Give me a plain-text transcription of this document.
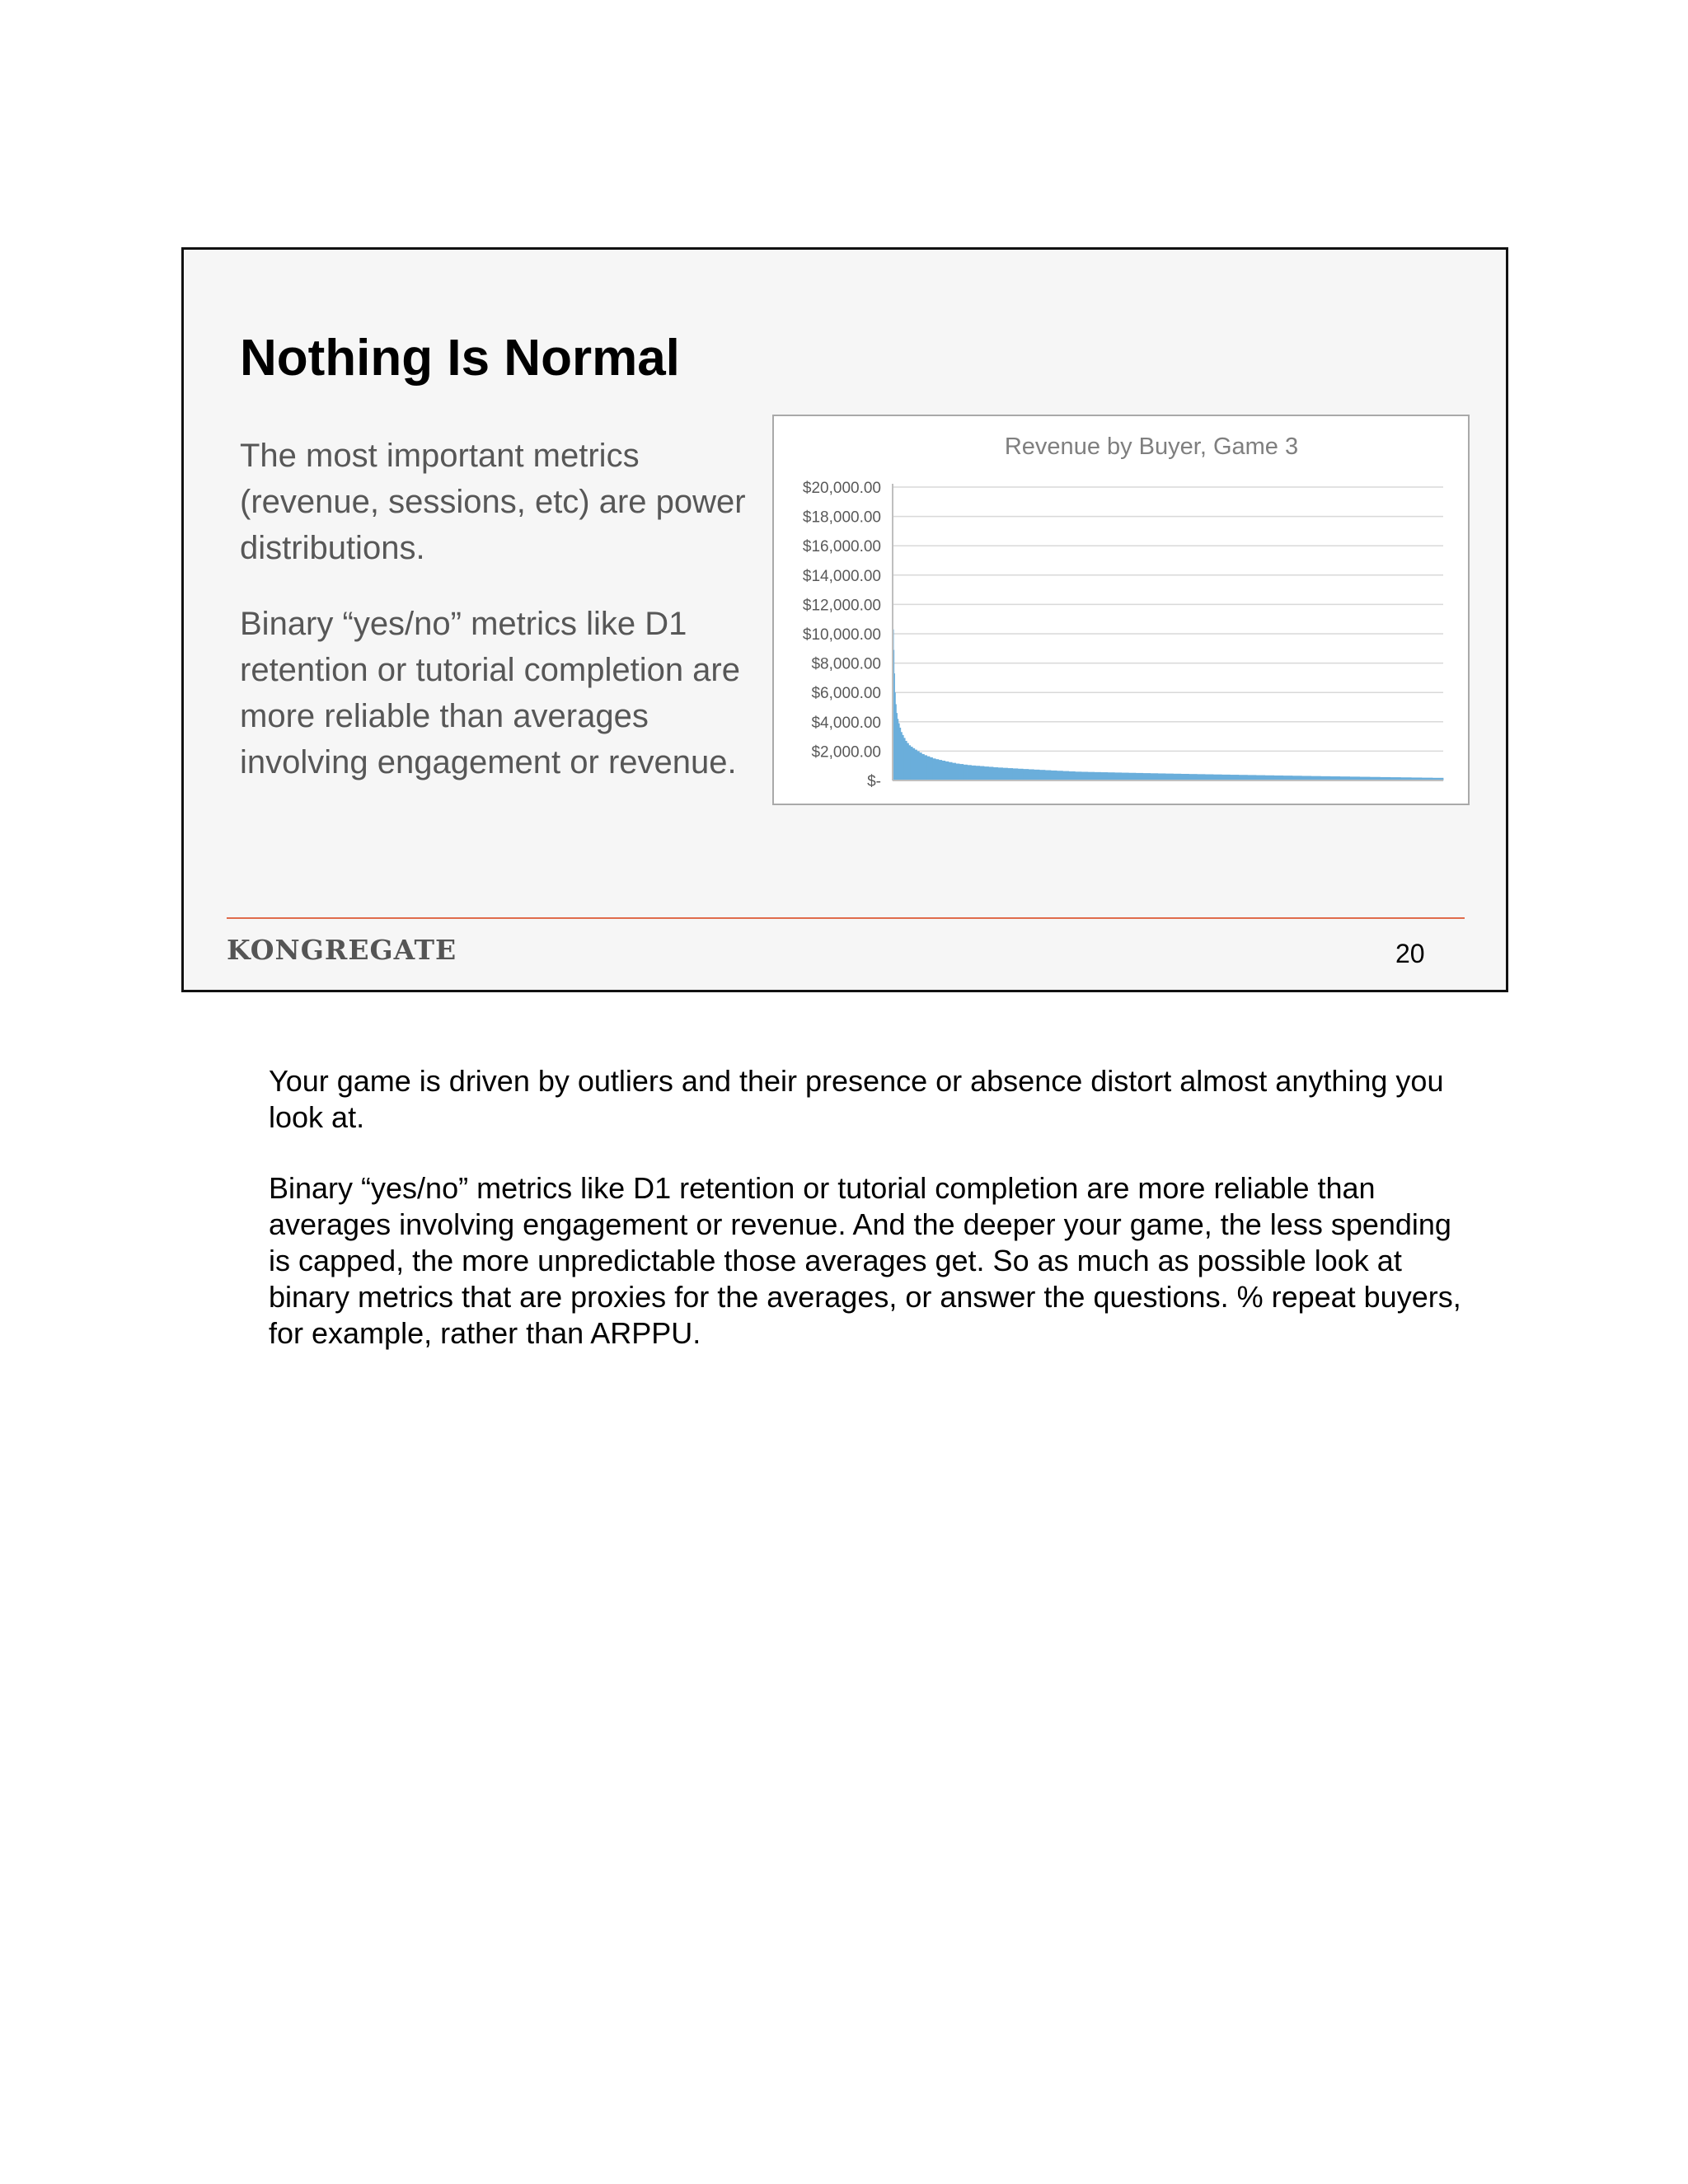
Nothing Is Normal

The most important metrics (revenue, sessions, etc) are power distributions.

Binary “yes/no” metrics like D1 retention or tutorial completion are more reliable than averages involving engagement or revenue.

Revenue by Buyer, Game 3
$20,000.00
$18,000.00
$16,000.00
$14,000.00
$12,000.00
$10,000.00
$8,000.00
$6,000.00
$4,000.00
$2,000.00
$-
KONGREGATE	20

Your game is driven by outliers and their presence or absence distort almost anything you look at.

Binary “yes/no” metrics like D1 retention or tutorial completion are more reliable than averages involving engagement or revenue. And the deeper your game, the less spending is capped, the more unpredictable those averages get. So as much as possible look at binary metrics that are proxies for the averages, or answer the questions. % repeat buyers, for example, rather than ARPPU.
